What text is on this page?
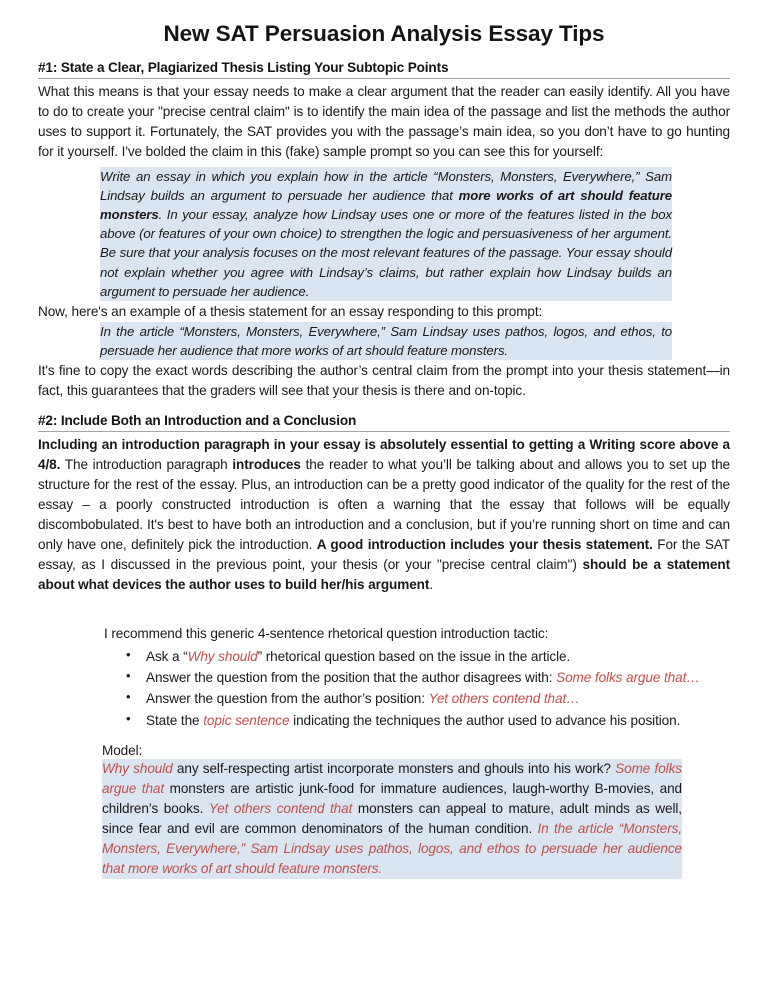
New SAT Persuasion Analysis Essay Tips
#1: State a Clear, Plagiarized Thesis Listing Your Subtopic Points

What this means is that your essay needs to make a clear argument that the reader can easily identify. All you have to do to create your "precise central claim" is to identify the main idea of the passage and list the methods the author uses to support it. Fortunately, the SAT provides you with the passage’s main idea, so you don’t have to go hunting for it yourself. I've bolded the claim in this (fake) sample prompt so you can see this for yourself:

Write an essay in which you explain how in the article “Monsters, Monsters, Everywhere,” Sam Lindsay builds an argument to persuade her audience that more works of art should feature monsters. In your essay, analyze how Lindsay uses one or more of the features listed in the box above (or features of your own choice) to strengthen the logic and persuasiveness of her argument. Be sure that your analysis focuses on the most relevant features of the passage. Your essay should not explain whether you agree with Lindsay’s claims, but rather explain how Lindsay builds an argument to persuade her audience.

Now, here's an example of a thesis statement for an essay responding to this prompt:

In the article “Monsters, Monsters, Everywhere,” Sam Lindsay uses pathos, logos, and ethos, to persuade her audience that more works of art should feature monsters.

It's fine to copy the exact words describing the author’s central claim from the prompt into your thesis statement—in fact, this guarantees that the graders will see that your thesis is there and on-topic.

#2: Include Both an Introduction and a Conclusion

Including an introduction paragraph in your essay is absolutely essential to getting a Writing score above a 4/8. The introduction paragraph introduces the reader to what you’ll be talking about and allows you to set up the structure for the rest of the essay. Plus, an introduction can be a pretty good indicator of the quality for the rest of the essay – a poorly constructed introduction is often a warning that the essay that follows will be equally discombobulated. It's best to have both an introduction and a conclusion, but if you’re running short on time and can only have one, definitely pick the introduction. A good introduction includes your thesis statement. For the SAT essay, as I discussed in the previous point, your thesis (or your "precise central claim") should be a statement about what devices the author uses to build her/his argument.

I recommend this generic 4-sentence rhetorical question introduction tactic:
• Ask a “Why should” rhetorical question based on the issue in the article.
• Answer the question from the position that the author disagrees with: Some folks argue that…
• Answer the question from the author’s position: Yet others contend that…
• State the topic sentence indicating the techniques the author used to advance his position.
Model:
Why should any self-respecting artist incorporate monsters and ghouls into his work? Some folks argue that monsters are artistic junk-food for immature audiences, laugh-worthy B-movies, and children’s books. Yet others contend that monsters can appeal to mature, adult minds as well, since fear and evil are common denominators of the human condition. In the article “Monsters, Monsters, Everywhere,” Sam Lindsay uses pathos, logos, and ethos to persuade her audience that more works of art should feature monsters.
